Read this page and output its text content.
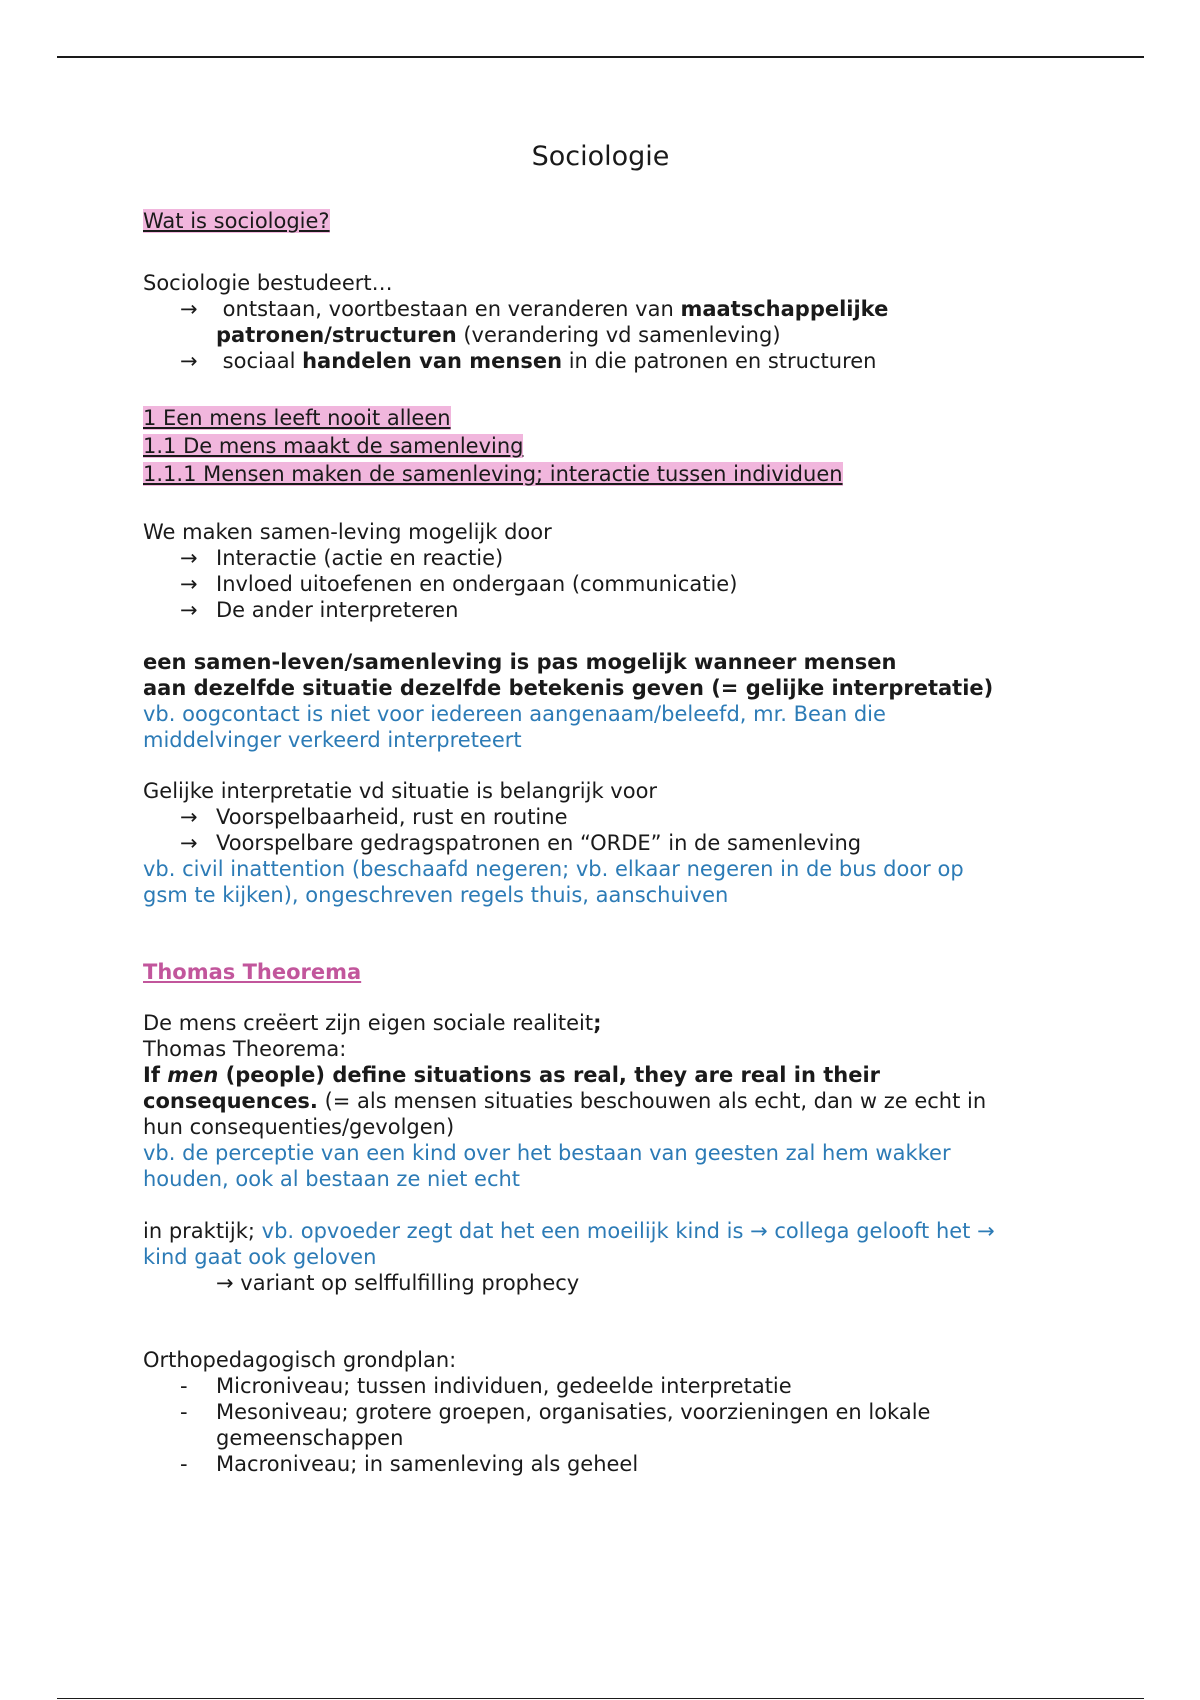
Sociologie
Wat is sociologie?

Sociologie bestudeert…

→ ontstaan, voortbestaan en veranderen van maatschappelijke patronen/structuren (verandering vd samenleving)

→ sociaal handelen van mensen in die patronen en structuren

1 Een mens leeft nooit alleen

1.1 De mens maakt de samenleving

1.1.1 Mensen maken de samenleving; interactie tussen individuen

We maken samen-leving mogelijk door

→ Interactie (actie en reactie)

→ Invloed uitoefenen en ondergaan (communicatie)

→ De ander interpreteren

een samen-leven/samenleving is pas mogelijk wanneer mensen

aan dezelfde situatie dezelfde betekenis geven (= gelijke interpretatie)

vb. oogcontact is niet voor iedereen aangenaam/beleefd, mr. Bean die

middelvinger verkeerd interpreteert

Gelijke interpretatie vd situatie is belangrijk voor

→ Voorspelbaarheid, rust en routine

→ Voorspelbare gedragspatronen en “ORDE” in de samenleving

vb. civil inattention (beschaafd negeren; vb. elkaar negeren in de bus door op

gsm te kijken), ongeschreven regels thuis, aanschuiven

Thomas Theorema

De mens creëert zijn eigen sociale realiteit;

Thomas Theorema:

If men (people) define situations as real, they are real in their

consequences. (= als mensen situaties beschouwen als echt, dan w ze echt in

hun consequenties/gevolgen)

vb. de perceptie van een kind over het bestaan van geesten zal hem wakker

houden, ook al bestaan ze niet echt

in praktijk; vb. opvoeder zegt dat het een moeilijk kind is → collega gelooft het →

kind gaat ook geloven

→ variant op selffulfilling prophecy

Orthopedagogisch grondplan:

- Microniveau; tussen individuen, gedeelde interpretatie

- Mesoniveau; grotere groepen, organisaties, voorzieningen en lokale gemeenschappen

- Macroniveau; in samenleving als geheel
